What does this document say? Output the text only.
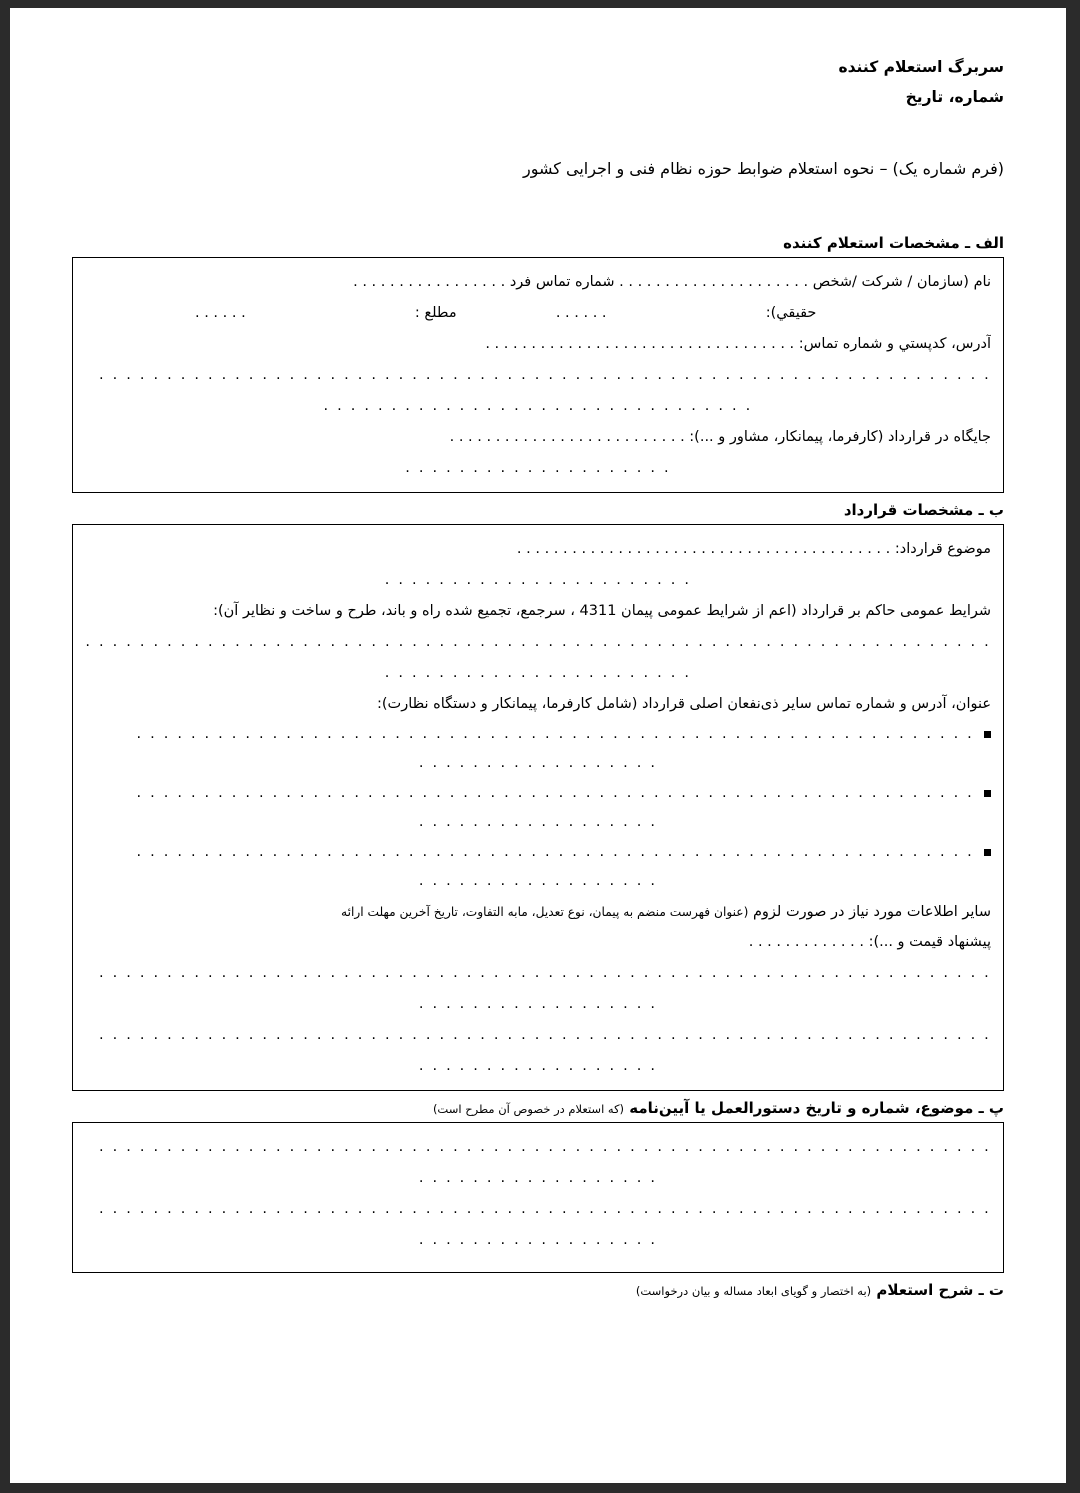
سربرگ استعلام کننده
شماره، تاریخ
(فرم شماره یک) – نحوه استعلام ضوابط حوزه نظام فنی و اجرایی کشور
الف ـ مشخصات استعلام کننده
نام (سازمان / شرکت /شخص . . . . . . . . . . . . . . . . . . . . . شماره تماس فرد . . . . . . . . . . . . . . . . .
حقیقي):  . . . . . .  مطلع :  . . . . . .
آدرس، کدپستي و شماره تماس: . . . . . . . . . . . . . . . . . . . . . . . . . . . . . . . . . .
. . . . . . . . . . . . . . . . . . . . . . . . . . . . . . . . . . . . . . . . . . . . . . . . . . . . . . . . . . . . . . . . . .
. . . . . . . . . . . . . . . . . . . . . . . . . . . . . . . .
جایگاه در قرارداد (کارفرما، پیمانکار، مشاور و ...): . . . . . . . . . . . . . . . . . . . . . . . . . .
. . . . . . . . . . . . . . . . . . . .
ب ـ مشخصات قرارداد
موضوع قرارداد: . . . . . . . . . . . . . . . . . . . . . . . . . . . . . . . . . . . . . . . . .
. . . . . . . . . . . . . . . . . . . . . . .
شرایط عمومی حاکم بر قرارداد (اعم از شرایط عمومی پیمان 4311 ، سرجمع، تجمیع شده راه و باند، طرح و ساخت و نظایر آن):
. . . . . . . . . . . . . . . . . . . . . . . . . . . . . . . . . . . . . . . . . . . . . . . . . . . . . . . . . . . . . . . . . . .
. . . . . . . . . . . . . . . . . . . . . . .
عنوان، آدرس و شماره تماس سایر ذی‌نفعان اصلی قرارداد (شامل کارفرما، پیمانکار و دستگاه نظارت):
. . . . . . . . . . . . . . . . . . . . . . . . . . . . . . . . . . . . . . . . . . . . . . . . . . . . . . . . . . . . . .
. . . . . . . . . . . . . . . . . .
. . . . . . . . . . . . . . . . . . . . . . . . . . . . . . . . . . . . . . . . . . . . . . . . . . . . . . . . . . . . . .
. . . . . . . . . . . . . . . . . .
. . . . . . . . . . . . . . . . . . . . . . . . . . . . . . . . . . . . . . . . . . . . . . . . . . . . . . . . . . . . . .
. . . . . . . . . . . . . . . . . .
سایر اطلاعات مورد نیاز در صورت لزوم (عنوان فهرست منضم به پیمان، نوع تعدیل، مابه التفاوت، تاریخ آخرین مهلت ارائه
پیشنهاد قیمت و ...): . . . . . . . . . . . . .
. . . . . . . . . . . . . . . . . . . . . . . . . . . . . . . . . . . . . . . . . . . . . . . . . . . . . . . . . . . . . . . . . .
. . . . . . . . . . . . . . . . . .
. . . . . . . . . . . . . . . . . . . . . . . . . . . . . . . . . . . . . . . . . . . . . . . . . . . . . . . . . . . . . . . . . .
. . . . . . . . . . . . . . . . . .
پ ـ موضوع، شماره و تاریخ دستورالعمل یا آیین‌نامه (که استعلام در خصوص آن مطرح است)
. . . . . . . . . . . . . . . . . . . . . . . . . . . . . . . . . . . . . . . . . . . . . . . . . . . . . . . . . . . . . . . . . .
. . . . . . . . . . . . . . . . . .
. . . . . . . . . . . . . . . . . . . . . . . . . . . . . . . . . . . . . . . . . . . . . . . . . . . . . . . . . . . . . . . . . .
. . . . . . . . . . . . . . . . . .
ت ـ شرح استعلام (به اختصار و گویای ابعاد مساله و بیان درخواست)
